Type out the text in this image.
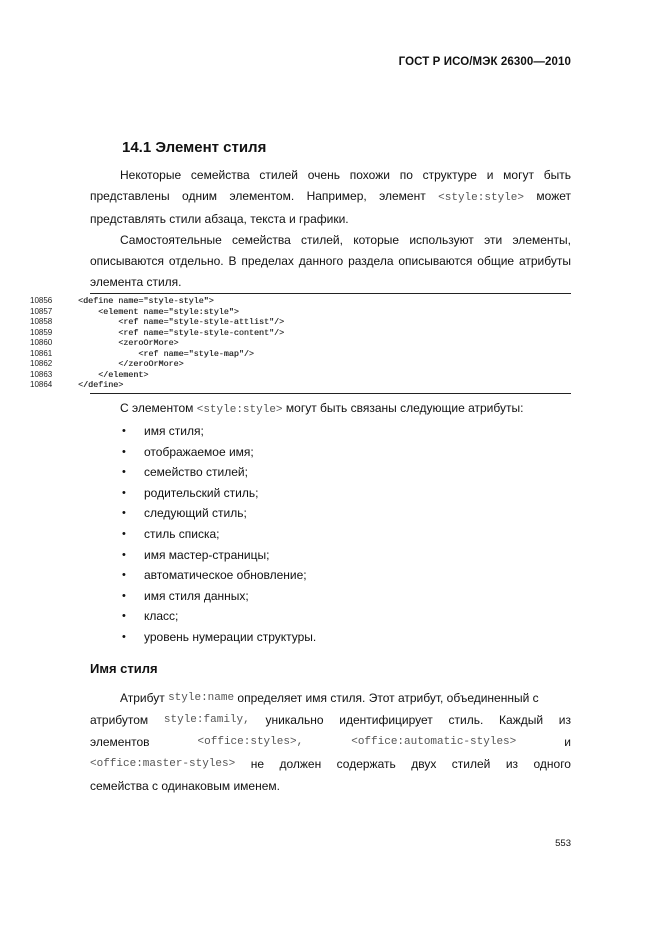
ГОСТ Р ИСО/МЭК 26300—2010
14.1 Элемент стиля
Некоторые семейства стилей очень похожи по структуре и могут быть представлены одним элементом. Например, элемент <style:style> может представлять стили абзаца, текста и графики.
Самостоятельные семейства стилей, которые используют эти элементы, описываются отдельно. В пределах данного раздела описываются общие атрибуты элемента стиля.
10856	<define name="style-style">
10857	<element name="style:style">
10858	<ref name="style-style-attlist"/>
10859	<ref name="style-style-content"/>
10860	<zeroOrMore>
10861	<ref name="style-map"/>
10862	</zeroOrMore>
10863	</element>
10864	</define>
С элементом <style:style> могут быть связаны следующие атрибуты:
• имя стиля;
• отображаемое имя;
• семейство стилей;
• родительский стиль;
• следующий стиль;
• стиль списка;
• имя мастер-страницы;
• автоматическое обновление;
• имя стиля данных;
• класс;
• уровень нумерации структуры.
Имя стиля
Атрибут
style:name
определяет имя стиля. Этот атрибут, объединенный с
атрибутом style:family, уникально идентифицирует стиль. Каждый из
элементов	<office:styles>,	<office:automatic-styles>	и
<office:master-styles> не должен содержать двух стилей из одного
семейства с одинаковым именем.
553
